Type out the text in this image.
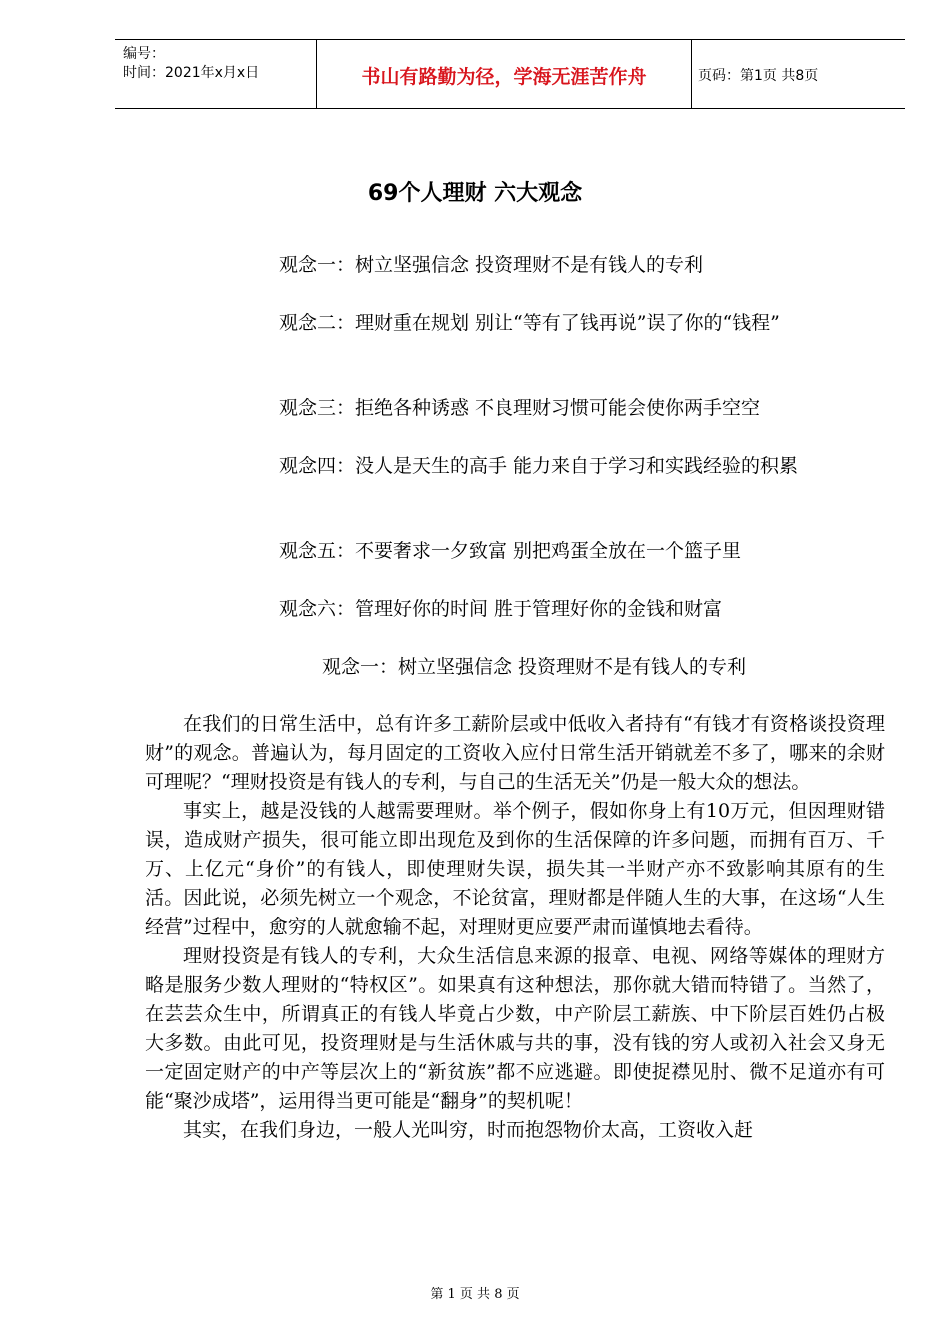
编号：
时间：2021年x月x日	书山有路勤为径，学海无涯苦作舟	页码：第1页 共8页
69个人理财 六大观念
观念一：树立坚强信念 投资理财不是有钱人的专利
观念二：理财重在规划 别让“等有了钱再说”误了你的“钱程”
观念三：拒绝各种诱惑 不良理财习惯可能会使你两手空空
观念四：没人是天生的高手 能力来自于学习和实践经验的积累
观念五：不要奢求一夕致富 别把鸡蛋全放在一个篮子里
观念六：管理好你的时间 胜于管理好你的金钱和财富
观念一：树立坚强信念 投资理财不是有钱人的专利

在我们的日常生活中，总有许多工薪阶层或中低收入者持有“有钱才有资格谈投资理财”的观念。普遍认为，每月固定的工资收入应付日常生活开销就差不多了，哪来的余财可理呢？“理财投资是有钱人的专利，与自己的生活无关”仍是一般大众的想法。

事实上，越是没钱的人越需要理财。举个例子，假如你身上有10万元，但因理财错误，造成财产损失，很可能立即出现危及到你的生活保障的许多问题，而拥有百万、千万、上亿元“身价”的有钱人，即使理财失误，损失其一半财产亦不致影响其原有的生活。因此说，必须先树立一个观念，不论贫富，理财都是伴随人生的大事，在这场“人生经营”过程中，愈穷的人就愈输不起，对理财更应要严肃而谨慎地去看待。

理财投资是有钱人的专利，大众生活信息来源的报章、电视、网络等媒体的理财方略是服务少数人理财的“特权区”。如果真有这种想法，那你就大错而特错了。当然了，在芸芸众生中，所谓真正的有钱人毕竟占少数，中产阶层工薪族、中下阶层百姓仍占极大多数。由此可见，投资理财是与生活休戚与共的事，没有钱的穷人或初入社会又身无一定固定财产的中产等层次上的“新贫族”都不应逃避。即使捉襟见肘、微不足道亦有可能“聚沙成塔”，运用得当更可能是“翻身”的契机呢！

其实，在我们身边，一般人光叫穷，时而抱怨物价太高，工资收入赶

第 1 页 共 8 页
